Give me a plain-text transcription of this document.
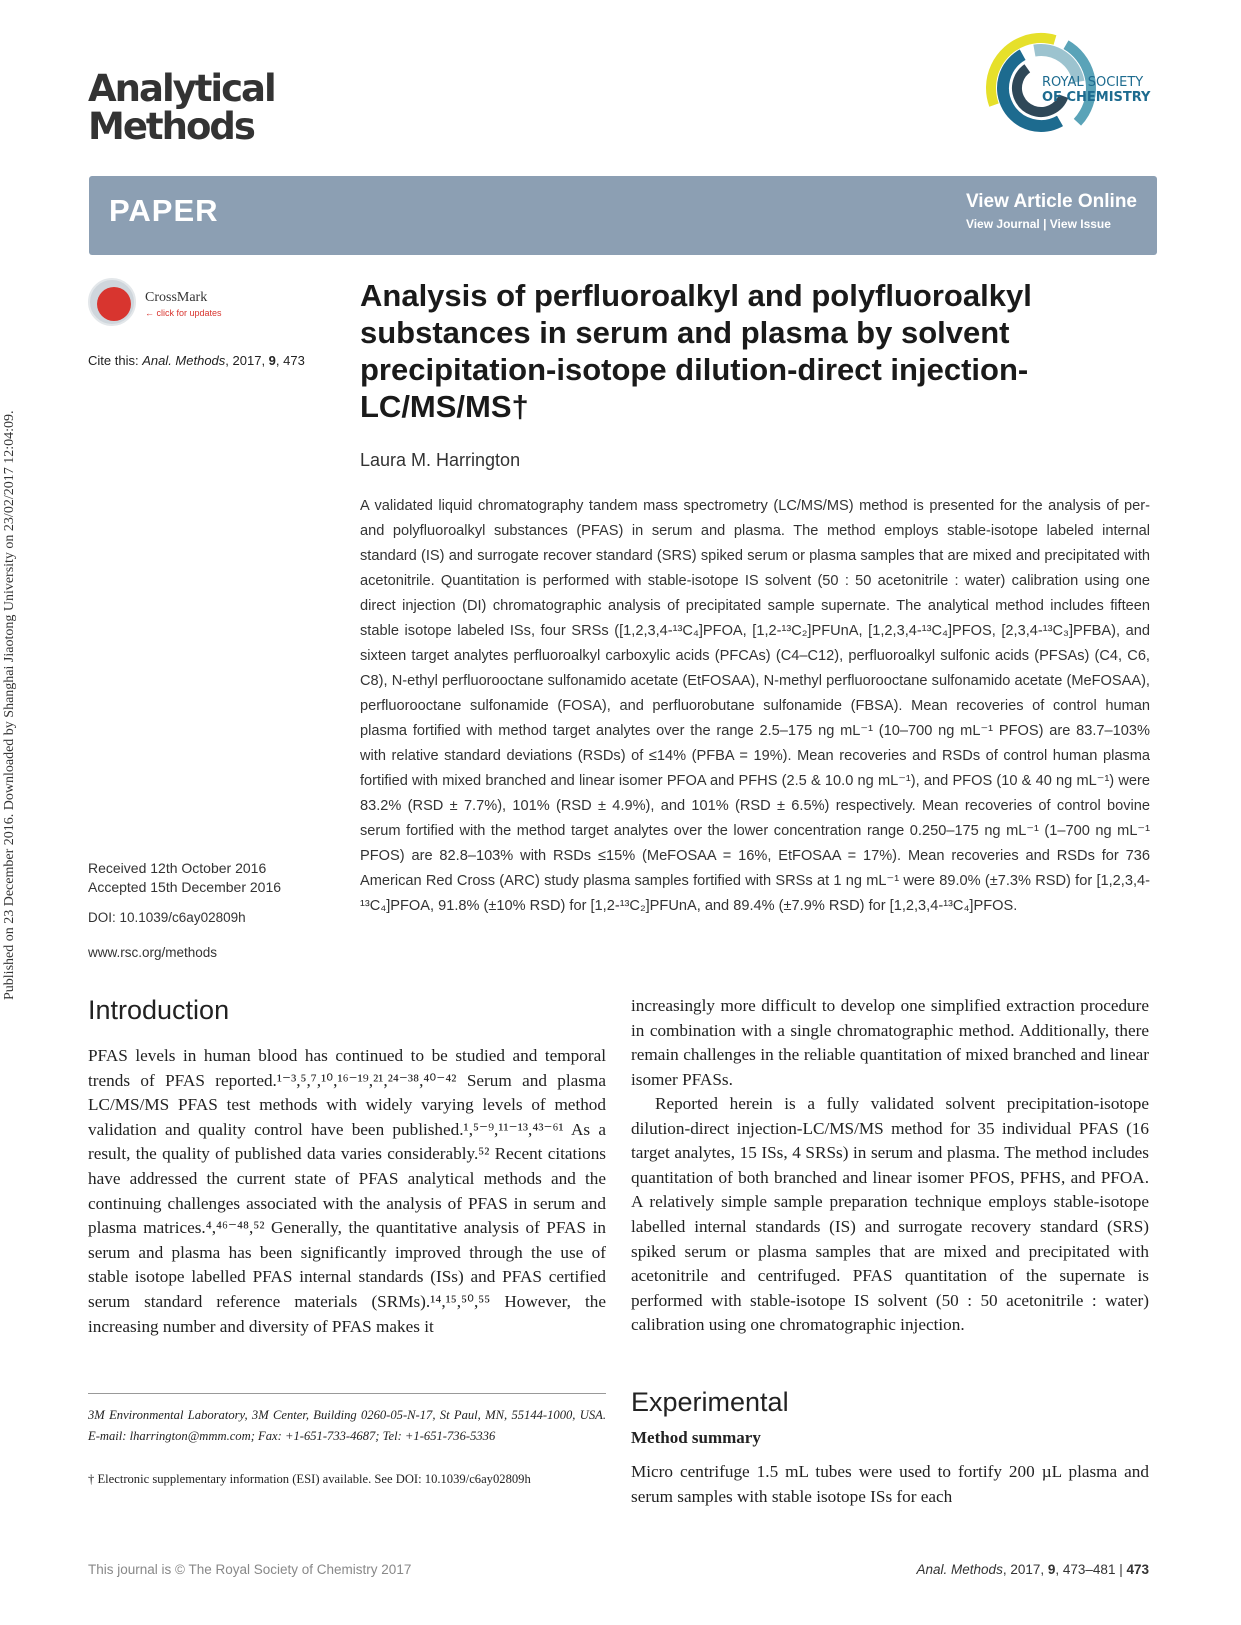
Published on 23 December 2016. Downloaded by Shanghai Jiaotong University on 23/02/2017 12:04:09.
Analytical
Methods
ROYAL SOCIETY
OF CHEMISTRY
PAPER	View Article Online
View Journal | View Issue
CrossMark
← click for updates
Cite this: Anal. Methods, 2017, 9, 473
Analysis of perfluoroalkyl and polyfluoroalkyl substances in serum and plasma by solvent precipitation-isotope dilution-direct injection-LC/MS/MS†
Laura M. Harrington
A validated liquid chromatography tandem mass spectrometry (LC/MS/MS) method is presented for the analysis of per- and polyfluoroalkyl substances (PFAS) in serum and plasma. The method employs stable-isotope labeled internal standard (IS) and surrogate recover standard (SRS) spiked serum or plasma samples that are mixed and precipitated with acetonitrile. Quantitation is performed with stable-isotope IS solvent (50 : 50 acetonitrile : water) calibration using one direct injection (DI) chromatographic analysis of precipitated sample supernate. The analytical method includes fifteen stable isotope labeled ISs, four SRSs ([1,2,3,4-¹³C₄]PFOA, [1,2-¹³C₂]PFUnA, [1,2,3,4-¹³C₄]PFOS, [2,3,4-¹³C₃]PFBA), and sixteen target analytes perfluoroalkyl carboxylic acids (PFCAs) (C4–C12), perfluoroalkyl sulfonic acids (PFSAs) (C4, C6, C8), N-ethyl perfluorooctane sulfonamido acetate (EtFOSAA), N-methyl perfluorooctane sulfonamido acetate (MeFOSAA), perfluorooctane sulfonamide (FOSA), and perfluorobutane sulfonamide (FBSA). Mean recoveries of control human plasma fortified with method target analytes over the range 2.5–175 ng mL⁻¹ (10–700 ng mL⁻¹ PFOS) are 83.7–103% with relative standard deviations (RSDs) of ≤14% (PFBA = 19%). Mean recoveries and RSDs of control human plasma fortified with mixed branched and linear isomer PFOA and PFHS (2.5 & 10.0 ng mL⁻¹), and PFOS (10 & 40 ng mL⁻¹) were 83.2% (RSD ± 7.7%), 101% (RSD ± 4.9%), and 101% (RSD ± 6.5%) respectively. Mean recoveries of control bovine serum fortified with the method target analytes over the lower concentration range 0.250–175 ng mL⁻¹ (1–700 ng mL⁻¹ PFOS) are 82.8–103% with RSDs ≤15% (MeFOSAA = 16%, EtFOSAA = 17%). Mean recoveries and RSDs for 736 American Red Cross (ARC) study plasma samples fortified with SRSs at 1 ng mL⁻¹ were 89.0% (±7.3% RSD) for [1,2,3,4-¹³C₄]PFOA, 91.8% (±10% RSD) for [1,2-¹³C₂]PFUnA, and 89.4% (±7.9% RSD) for [1,2,3,4-¹³C₄]PFOS.
Received 12th October 2016
Accepted 15th December 2016
DOI: 10.1039/c6ay02809h
www.rsc.org/methods
Introduction
PFAS levels in human blood has continued to be studied and temporal trends of PFAS reported.¹⁻³,⁵,⁷,¹⁰,¹⁶⁻¹⁹,²¹,²⁴⁻³⁸,⁴⁰⁻⁴² Serum and plasma LC/MS/MS PFAS test methods with widely varying levels of method validation and quality control have been published.¹,⁵⁻⁹,¹¹⁻¹³,⁴³⁻⁶¹ As a result, the quality of published data varies considerably.⁵² Recent citations have addressed the current state of PFAS analytical methods and the continuing challenges associated with the analysis of PFAS in serum and plasma matrices.⁴,⁴⁶⁻⁴⁸,⁵² Generally, the quantitative analysis of PFAS in serum and plasma has been significantly improved through the use of stable isotope labelled PFAS internal standards (ISs) and PFAS certified serum standard reference materials (SRMs).¹⁴,¹⁵,⁵⁰,⁵⁵ However, the increasing number and diversity of PFAS makes it
increasingly more difficult to develop one simplified extraction procedure in combination with a single chromatographic method. Additionally, there remain challenges in the reliable quantitation of mixed branched and linear isomer PFASs.
Reported herein is a fully validated solvent precipitation-isotope dilution-direct injection-LC/MS/MS method for 35 individual PFAS (16 target analytes, 15 ISs, 4 SRSs) in serum and plasma. The method includes quantitation of both branched and linear isomer PFOS, PFHS, and PFOA. A relatively simple sample preparation technique employs stable-isotope labelled internal standards (IS) and surrogate recovery standard (SRS) spiked serum or plasma samples that are mixed and precipitated with acetonitrile and centrifuged. PFAS quantitation of the supernate is performed with stable-isotope IS solvent (50 : 50 acetonitrile : water) calibration using one chromatographic injection.
Experimental
Method summary
Micro centrifuge 1.5 mL tubes were used to fortify 200 µL plasma and serum samples with stable isotope ISs for each
3M Environmental Laboratory, 3M Center, Building 0260-05-N-17, St Paul, MN, 55144-1000, USA. E-mail: lharrington@mmm.com; Fax: +1-651-733-4687; Tel: +1-651-736-5336
† Electronic supplementary information (ESI) available. See DOI: 10.1039/c6ay02809h
This journal is © The Royal Society of Chemistry 2017	Anal. Methods, 2017, 9, 473–481 | 473
